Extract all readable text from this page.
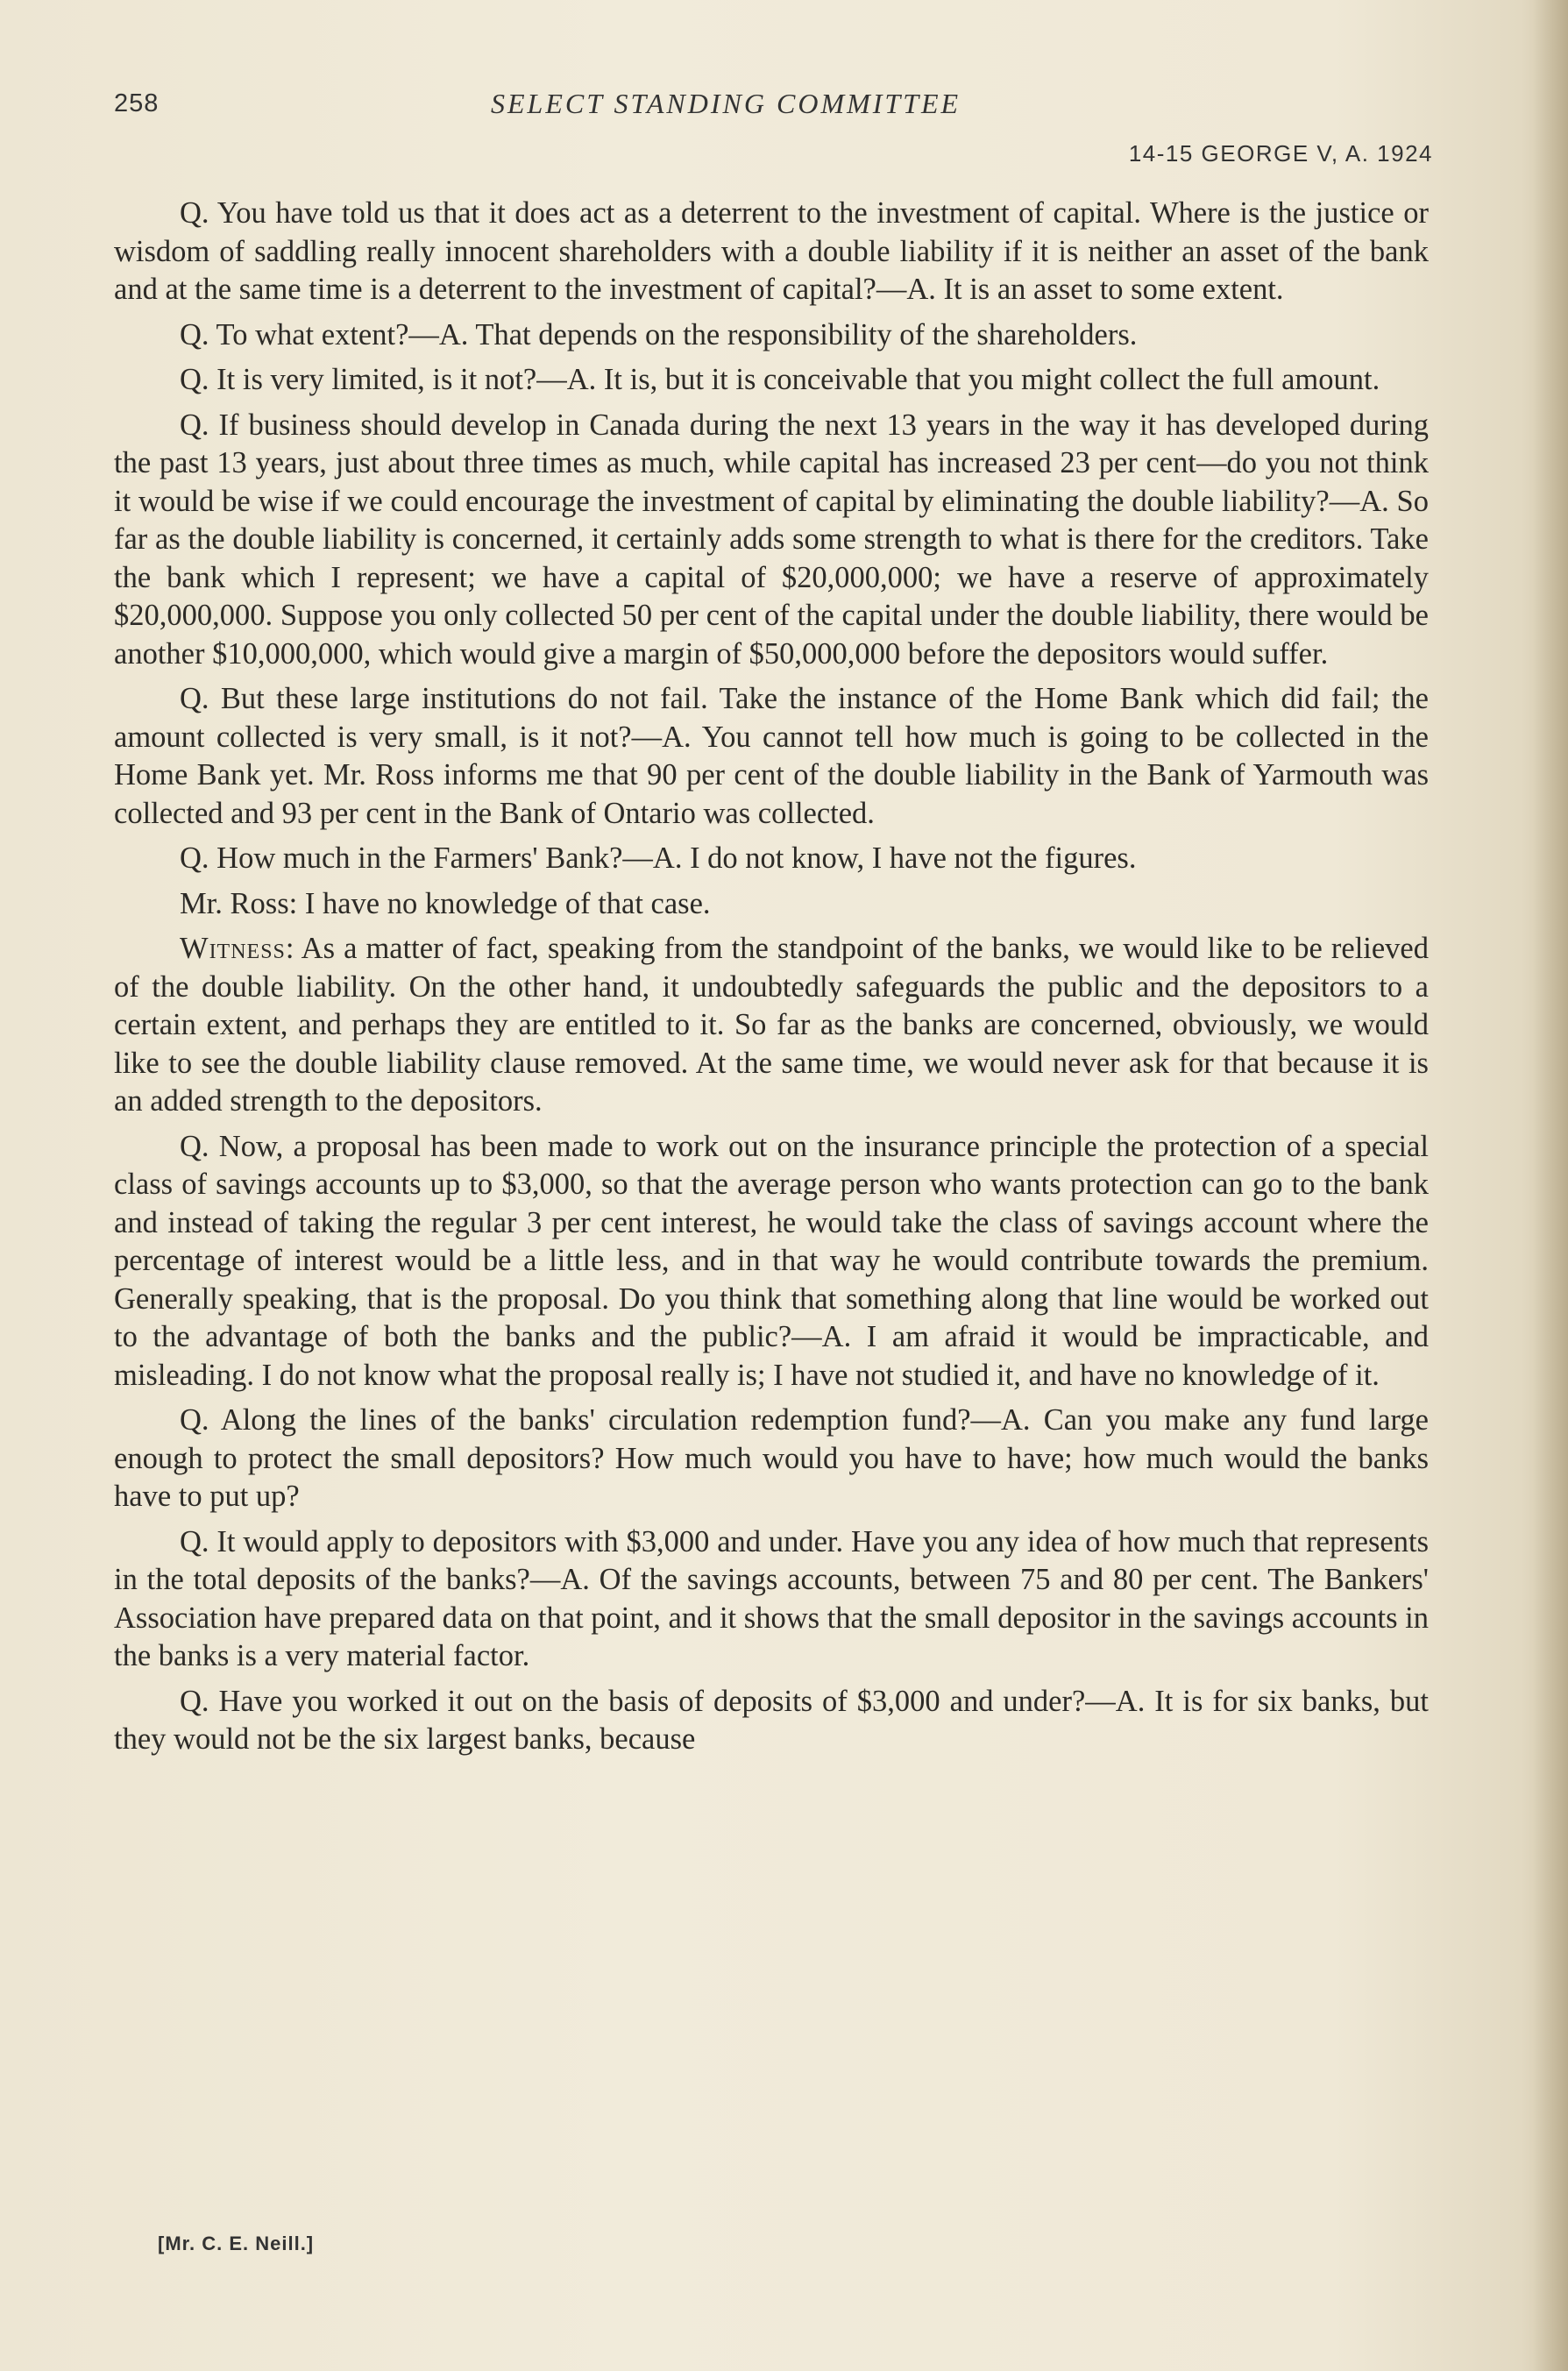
258	SELECT STANDING COMMITTEE
14-15 GEORGE V, A. 1924

Q. You have told us that it does act as a deterrent to the investment of capital. Where is the justice or wisdom of saddling really innocent shareholders with a double liability if it is neither an asset of the bank and at the same time is a deterrent to the investment of capital?—A. It is an asset to some extent.

Q. To what extent?—A. That depends on the responsibility of the shareholders.

Q. It is very limited, is it not?—A. It is, but it is conceivable that you might collect the full amount.

Q. If business should develop in Canada during the next 13 years in the way it has developed during the past 13 years, just about three times as much, while capital has increased 23 per cent—do you not think it would be wise if we could encourage the investment of capital by eliminating the double liability?—A. So far as the double liability is concerned, it certainly adds some strength to what is there for the creditors. Take the bank which I represent; we have a capital of $20,000,000; we have a reserve of approximately $20,000,000. Suppose you only collected 50 per cent of the capital under the double liability, there would be another $10,000,000, which would give a margin of $50,000,000 before the depositors would suffer.

Q. But these large institutions do not fail. Take the instance of the Home Bank which did fail; the amount collected is very small, is it not?—A. You cannot tell how much is going to be collected in the Home Bank yet. Mr. Ross informs me that 90 per cent of the double liability in the Bank of Yarmouth was collected and 93 per cent in the Bank of Ontario was collected.

Q. How much in the Farmers' Bank?—A. I do not know, I have not the figures.

Mr. Ross: I have no knowledge of that case.

Witness: As a matter of fact, speaking from the standpoint of the banks, we would like to be relieved of the double liability. On the other hand, it undoubtedly safeguards the public and the depositors to a certain extent, and perhaps they are entitled to it. So far as the banks are concerned, obviously, we would like to see the double liability clause removed. At the same time, we would never ask for that because it is an added strength to the depositors.

Q. Now, a proposal has been made to work out on the insurance principle the protection of a special class of savings accounts up to $3,000, so that the average person who wants protection can go to the bank and instead of taking the regular 3 per cent interest, he would take the class of savings account where the percentage of interest would be a little less, and in that way he would contribute towards the premium. Generally speaking, that is the proposal. Do you think that something along that line would be worked out to the advantage of both the banks and the public?—A. I am afraid it would be impracticable, and misleading. I do not know what the proposal really is; I have not studied it, and have no knowledge of it.

Q. Along the lines of the banks' circulation redemption fund?—A. Can you make any fund large enough to protect the small depositors? How much would you have to have; how much would the banks have to put up?

Q. It would apply to depositors with $3,000 and under. Have you any idea of how much that represents in the total deposits of the banks?—A. Of the savings accounts, between 75 and 80 per cent. The Bankers' Association have prepared data on that point, and it shows that the small depositor in the savings accounts in the banks is a very material factor.

Q. Have you worked it out on the basis of deposits of $3,000 and under?—A. It is for six banks, but they would not be the six largest banks, because

[Mr. C. E. Neill.]
